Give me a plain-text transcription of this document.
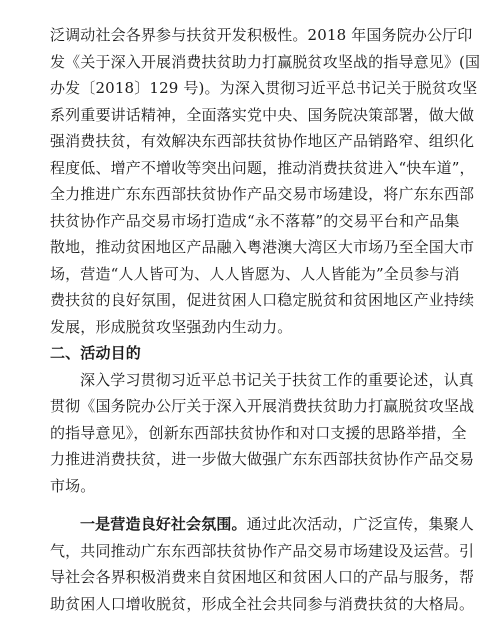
泛调动社会各界参与扶贫开发积极性。2018 年国务院办公厅印
发《关于深入开展消费扶贫助力打赢脱贫攻坚战的指导意见》(国
办发〔2018〕129 号)。为深入贯彻习近平总书记关于脱贫攻坚
系列重要讲话精神，全面落实党中央、国务院决策部署，做大做
强消费扶贫，有效解决东西部扶贫协作地区产品销路窄、组织化
程度低、增产不增收等突出问题，推动消费扶贫进入“快车道”，
全力推进广东东西部扶贫协作产品交易市场建设，将广东东西部
扶贫协作产品交易市场打造成“永不落幕”的交易平台和产品集
散地，推动贫困地区产品融入粤港澳大湾区大市场乃至全国大市
场，营造“人人皆可为、人人皆愿为、人人皆能为”全员参与消
费扶贫的良好氛围，促进贫困人口稳定脱贫和贫困地区产业持续
发展，形成脱贫攻坚强劲内生动力。
二、活动目的
深入学习贯彻习近平总书记关于扶贫工作的重要论述，认真
贯彻《国务院办公厅关于深入开展消费扶贫助力打赢脱贫攻坚战
的指导意见》，创新东西部扶贫协作和对口支援的思路举措，全
力推进消费扶贫，进一步做大做强广东东西部扶贫协作产品交易
市场。
一是营造良好社会氛围。通过此次活动，广泛宣传，集聚人
气，共同推动广东东西部扶贫协作产品交易市场建设及运营。引
导社会各界积极消费来自贫困地区和贫困人口的产品与服务，帮
助贫困人口增收脱贫，形成全社会共同参与消费扶贫的大格局。
